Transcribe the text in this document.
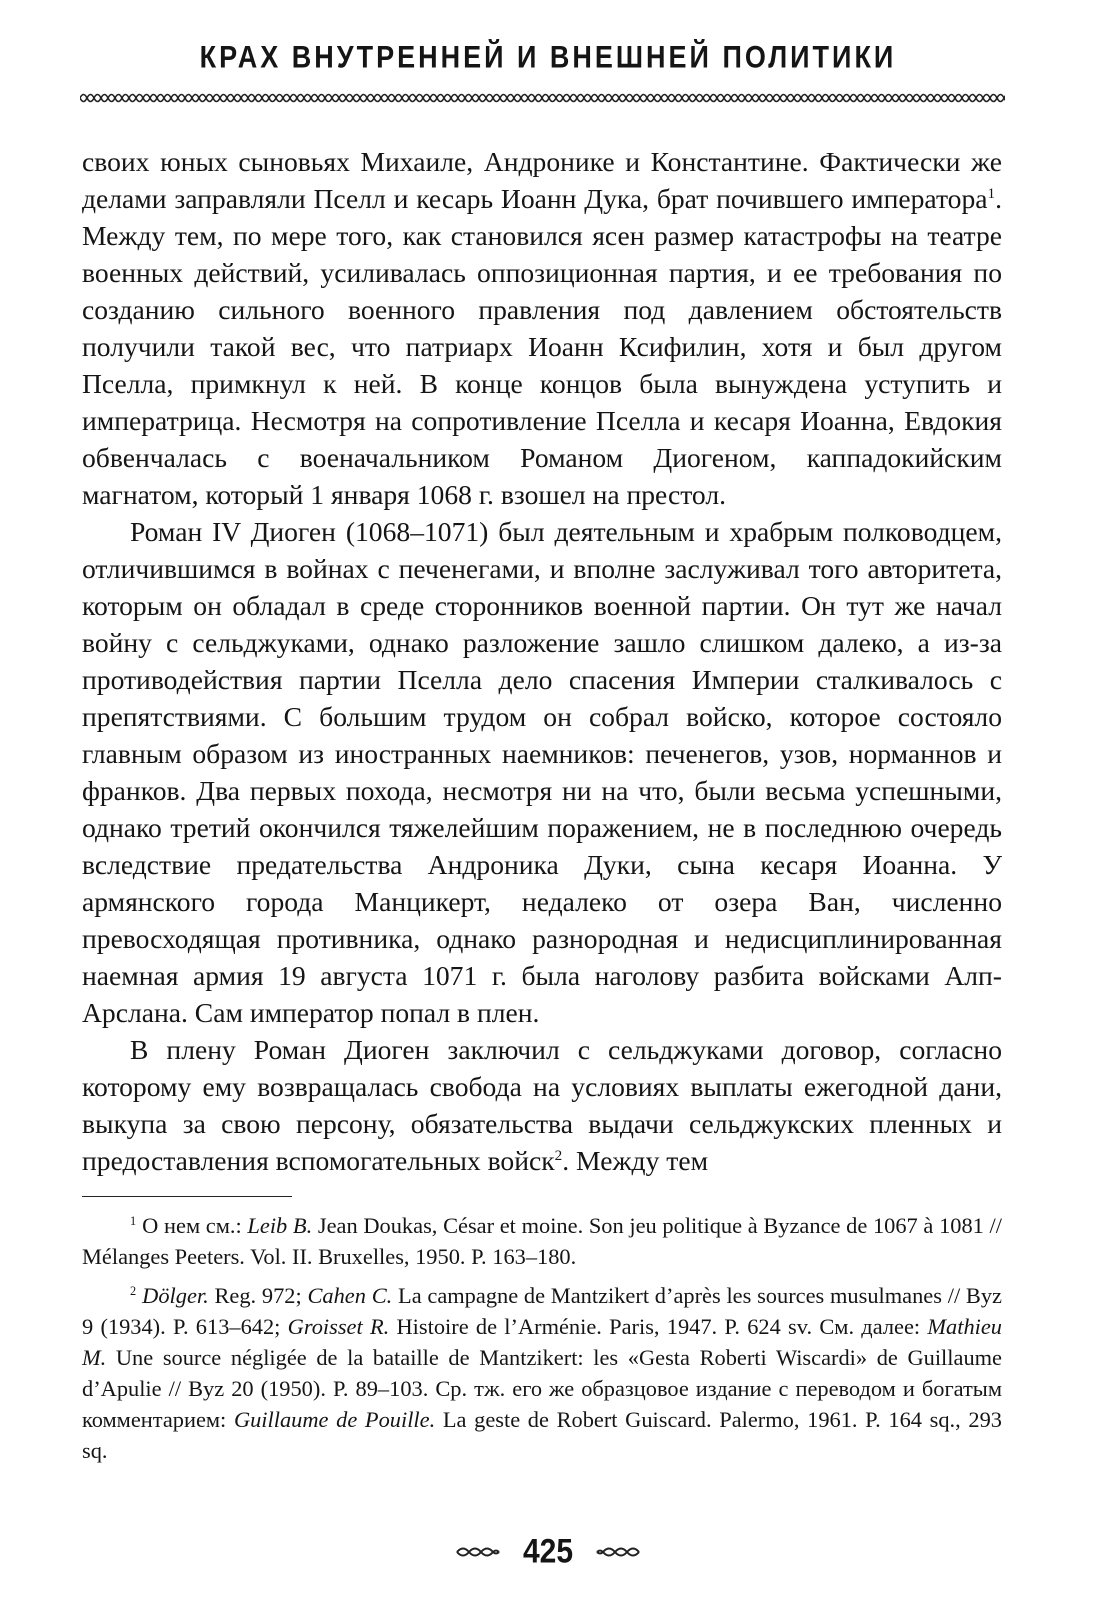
КРАХ ВНУТРЕННЕЙ И ВНЕШНЕЙ ПОЛИТИКИ

своих юных сыновьях Михаиле, Андронике и Константине. Фактически же делами заправляли Пселл и кесарь Иоанн Дука, брат почившего императора$^1$. Между тем, по мере того, как становился ясен размер катастрофы на театре военных действий, усиливалась оппозиционная партия, и ее требования по созданию сильного военного правления под давлением обстоятельств получили такой вес, что патриарх Иоанн Ксифилин, хотя и был другом Пселла, примкнул к ней. В конце концов была вынуждена уступить и императрица. Несмотря на сопротивление Пселла и кесаря Иоанна, Евдокия обвенчалась с военачальником Романом Диогеном, каппадокийским магнатом, который 1 января 1068 г. взошел на престол.

Роман IV Диоген (1068–1071) был деятельным и храбрым полководцем, отличившимся в войнах с печенегами, и вполне заслуживал того авторитета, которым он обладал в среде сторонников военной партии. Он тут же начал войну с сельджуками, однако разложение зашло слишком далеко, а из-за противодействия партии Пселла дело спасения Империи сталкивалось с препятствиями. С большим трудом он собрал войско, которое состояло главным образом из иностранных наемников: печенегов, узов, норманнов и франков. Два первых похода, несмотря ни на что, были весьма успешными, однако третий окончился тяжелейшим поражением, не в последнюю очередь вследствие предательства Андроника Дуки, сына кесаря Иоанна. У армянского города Манцикерт, недалеко от озера Ван, численно превосходящая противника, однако разнородная и недисциплинированная наемная армия 19 августа 1071 г. была наголову разбита войсками Алп-Арслана. Сам император попал в плен.

В плену Роман Диоген заключил с сельджуками договор, согласно которому ему возвращалась свобода на условиях выплаты ежегодной дани, выкупа за свою персону, обязательства выдачи сельджукских пленных и предоставления вспомогательных войск$^2$. Между тем

$^1$ О нем см.: Leib B. Jean Doukas, César et moine. Son jeu politique à Byzance de 1067 à 1081 // Mélanges Peeters. Vol. II. Bruxelles, 1950. P. 163–180.

$^2$ Dölger. Reg. 972; Cahen C. La campagne de Mantzikert d’après les sources musulmanes // Byz 9 (1934). P. 613–642; Groisset R. Histoire de l’Arménie. Paris, 1947. P. 624 sv. См. далее: Mathieu M. Une source négligée de la bataille de Mantzikert: les «Gesta Roberti Wiscardi» de Guillaume d’Apulie // Byz 20 (1950). P. 89–103. Ср. тж. его же образцовое издание с переводом и богатым комментарием: Guillaume de Pouille. La geste de Robert Guiscard. Palermo, 1961. P. 164 sq., 293 sq.

425
